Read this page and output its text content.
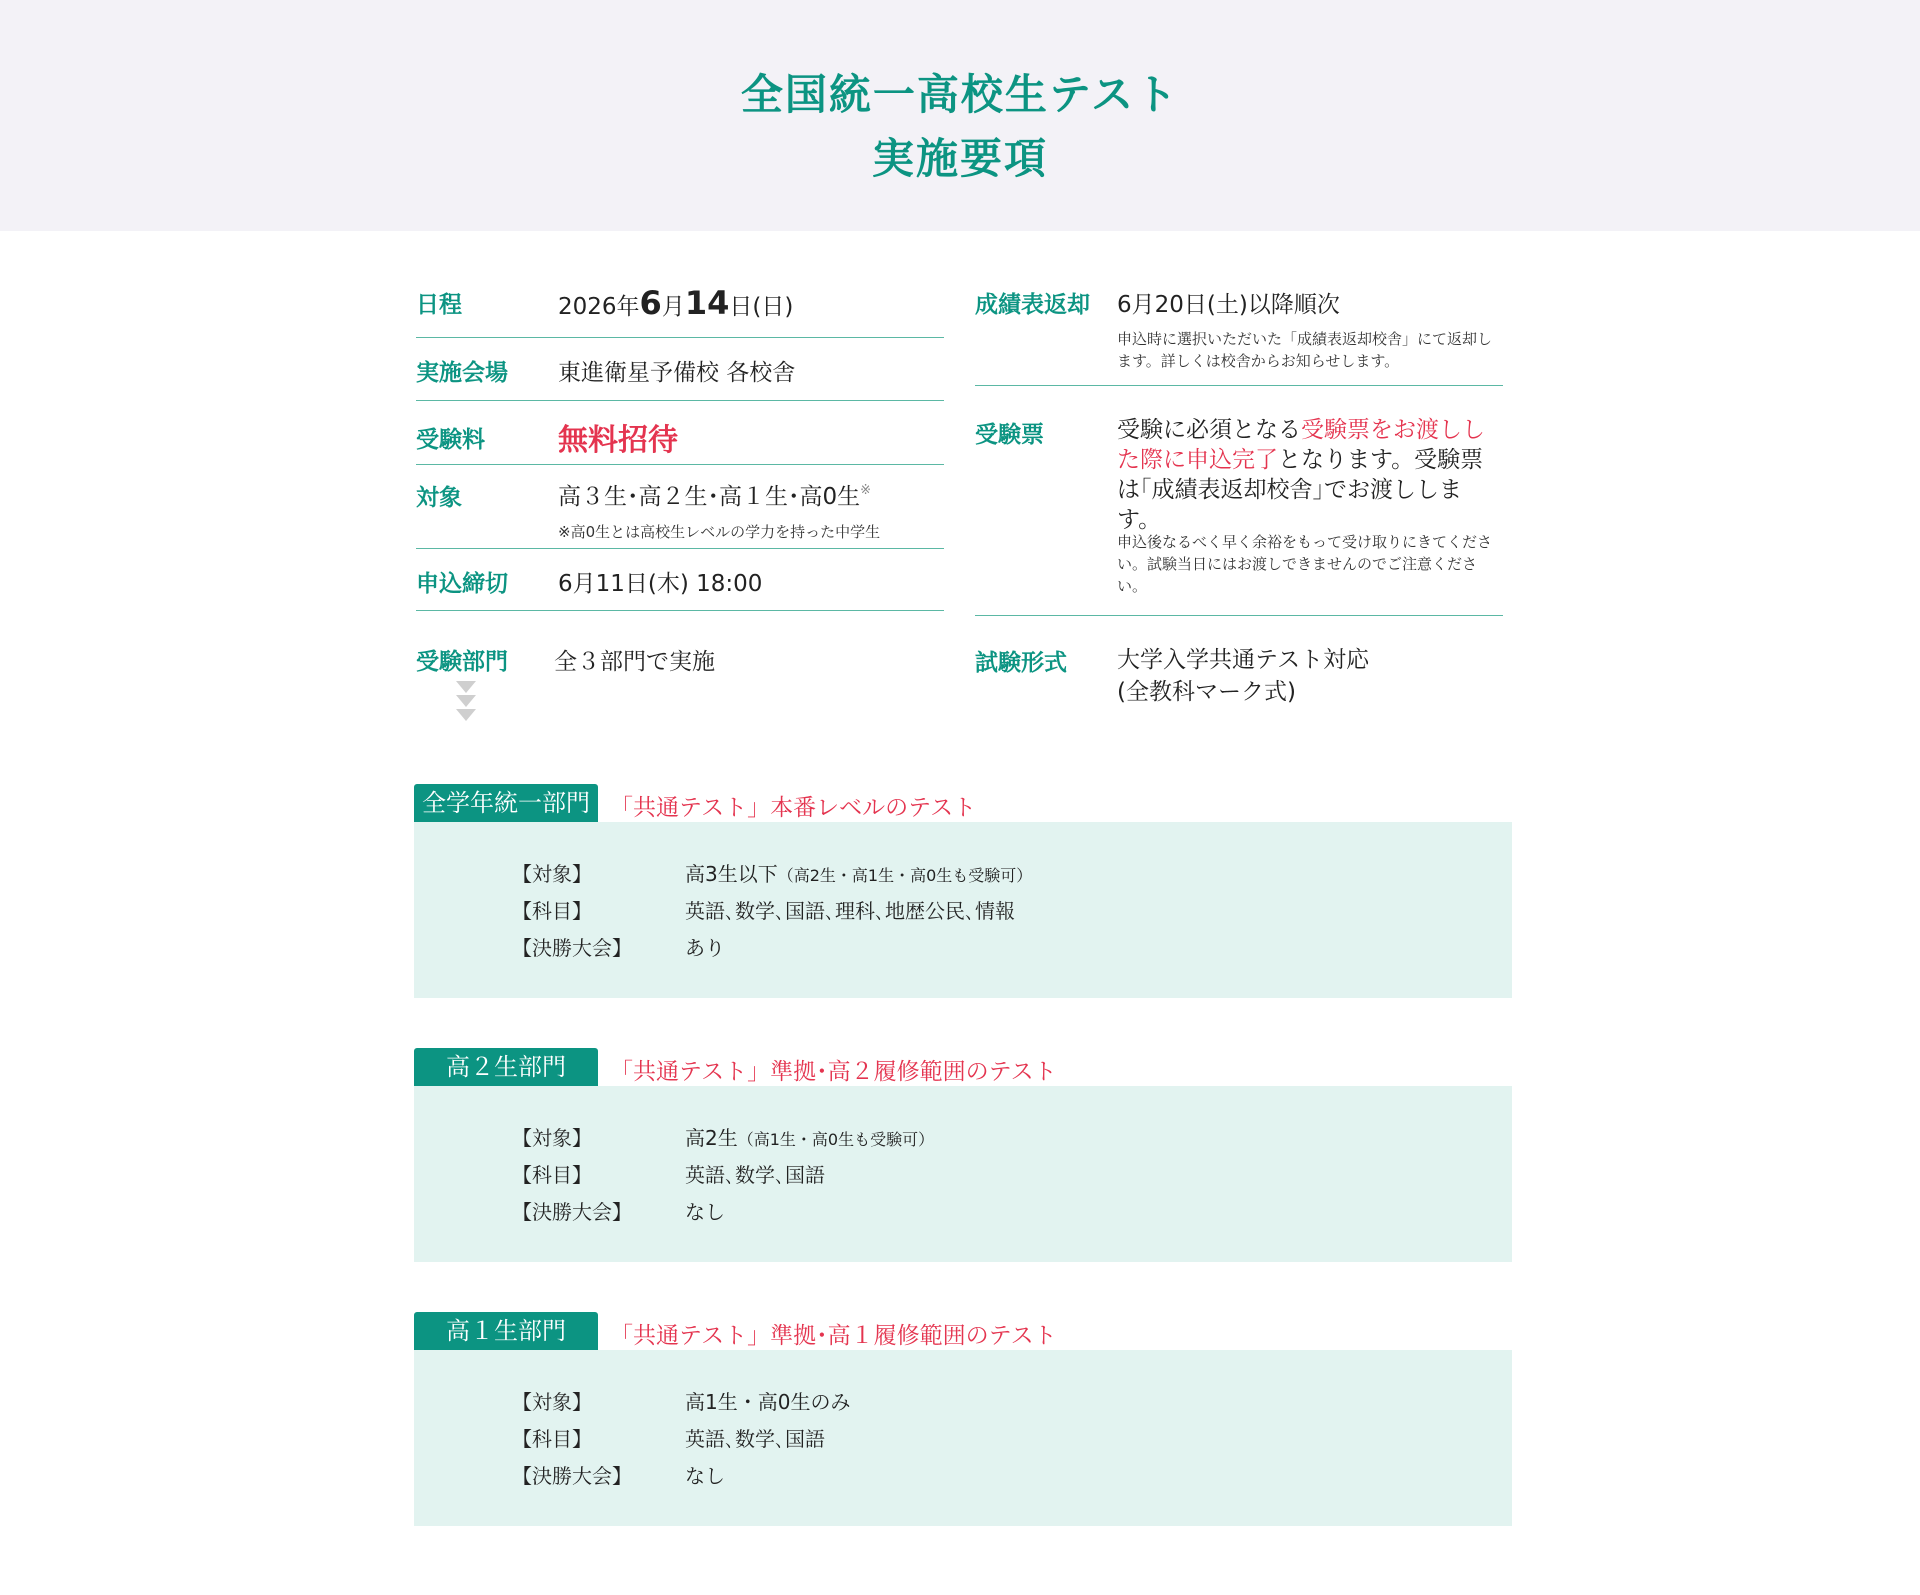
全国統一高校生テスト
実施要項
日程	2026年6月14日(日)
実施会場 東進衛星予備校 各校舎
受験料 無料招待
対象	高３生･高２生･高１生･高0生※
※高0生とは高校生レベルの学力を持った中学生
申込締切 6月11日(木) 18:00
受験部門 全３部門で実施
成績表返却 6月20日(土)以降順次

申込時に選択いただいた「成績表返却校舎」にて返却します。詳しくは校舎からお知らせします。

受験票	受験に必須となる受験票をお渡しした際に申込完了となります。受験票は｢成績表返却校舎｣でお渡しします。

申込後なるべく早く余裕をもって受け取りにきてください。試験当日にはお渡しできませんのでご注意ください。

試験形式 大学入学共通テスト対応
(全教科マーク式)
全学年統一部門 「共通テスト」本番レベルのテスト
【対象】	高3生以下（高2生・高1生・高0生も受験可）
【科目】	英語､数学､国語､理科､地歴公民､情報
【決勝大会】	あり
高２生部門	「共通テスト」準拠･高２履修範囲のテスト
【対象】	高2生（高1生・高0生も受験可）
【科目】	英語､数学､国語
【決勝大会】	なし
高１生部門	「共通テスト」準拠･高１履修範囲のテスト
【対象】	高1生・高0生のみ
【科目】	英語､数学､国語
【決勝大会】	なし
